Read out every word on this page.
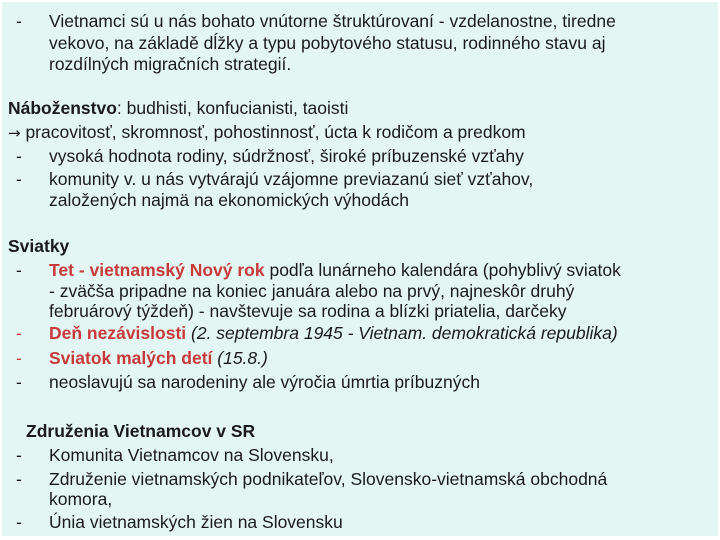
- Vietnamci sú u nás bohato vnútorne štruktúrovaní - vzdelanostne, tiredne
vekovo, na základě dĺžky a typu pobytového statusu, rodinného stavu aj
rozdílných migračních strategií.
Náboženstvo: budhisti, konfucianisti, taoisti
→ pracovitosť, skromnosť, pohostinnosť, úcta k rodičom a predkom
- vysoká hodnota rodiny, súdržnosť, široké príbuzenské vzťahy
- komunity v. u nás vytvárajú vzájomne previazanú sieť vzťahov,
založených najmä na ekonomických výhodách
Sviatky
- Tet - vietnamský Nový rok podľa lunárneho kalendára (pohyblivý sviatok
- zväčša pripadne na koniec januára alebo na prvý, najneskôr druhý
februárový týždeň) - navštevuje sa rodina a blízki priatelia, darčeky
- Deň nezávislosti (2. septembra 1945 - Vietnam. demokratická republika)
- Sviatok malých detí (15.8.)
- neoslavujú sa narodeniny ale výročia úmrtia príbuzných
Združenia Vietnamcov v SR
- Komunita Vietnamcov na Slovensku,
- Združenie vietnamských podnikateľov, Slovensko-vietnamská obchodná
komora,
- Únia vietnamských žien na Slovensku
